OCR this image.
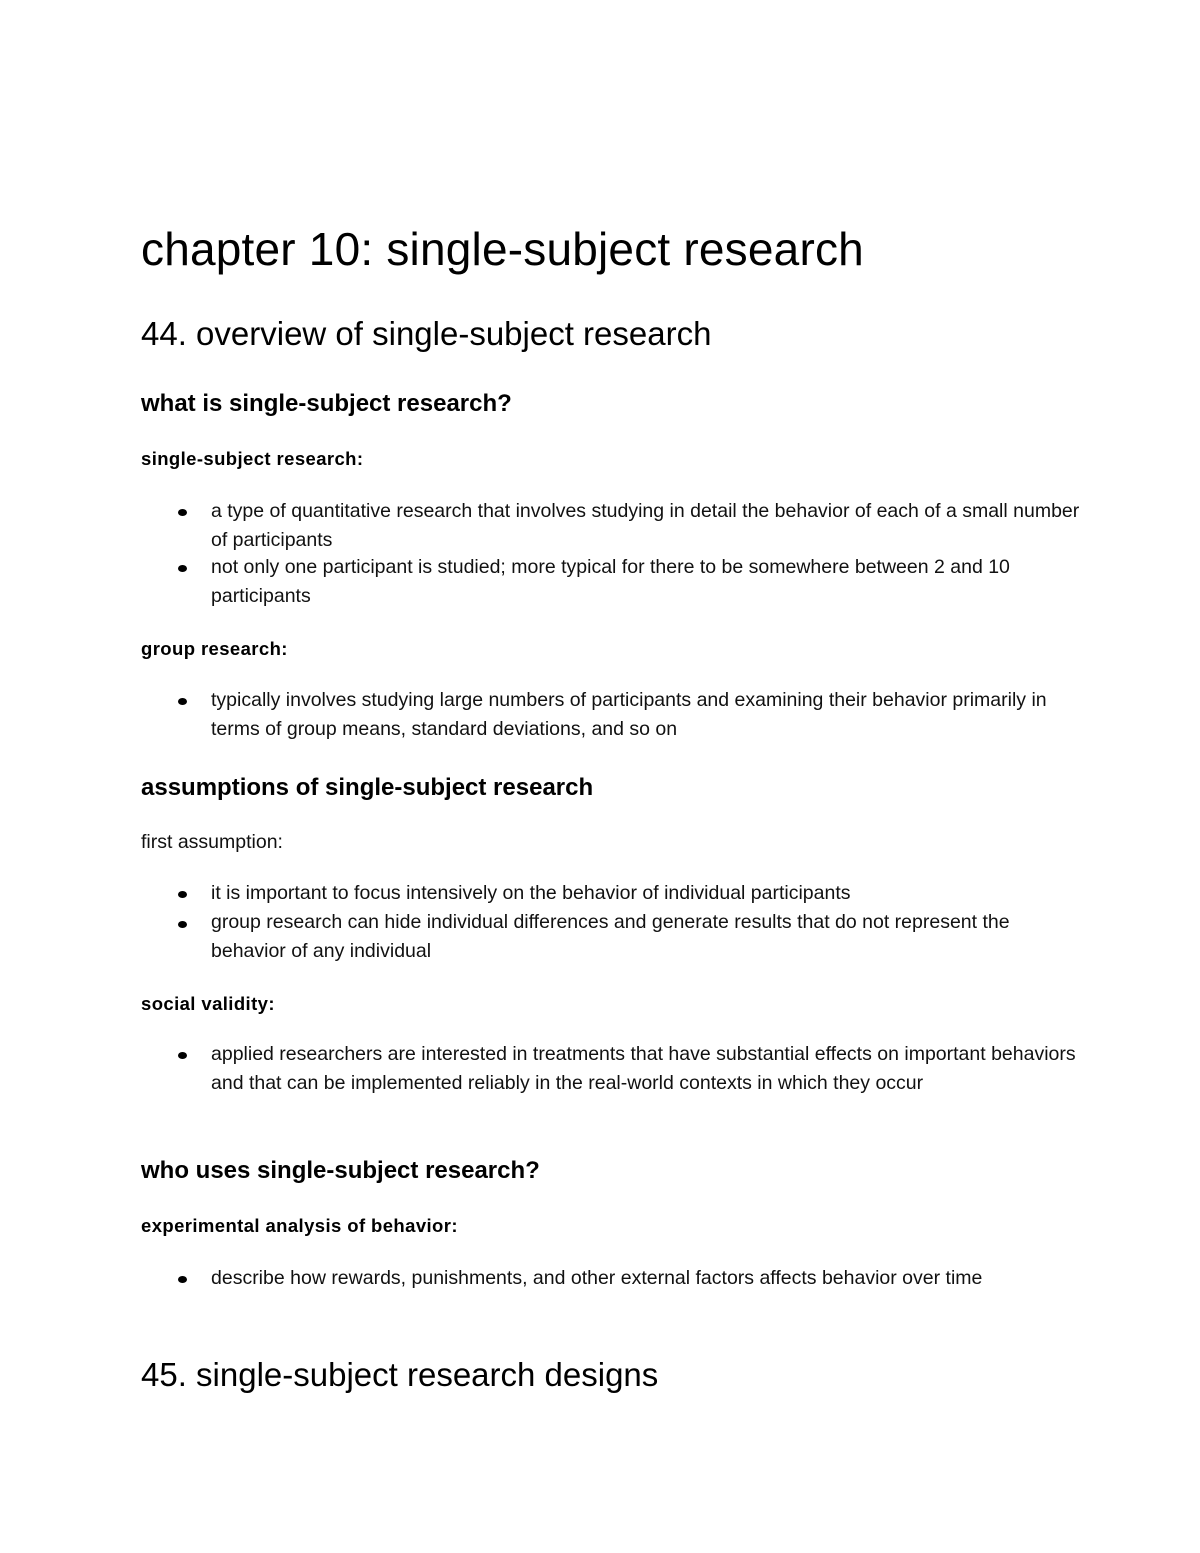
chapter 10: single-subject research
44. overview of single-subject research
what is single-subject research?
single-subject research:
a type of quantitative research that involves studying in detail the behavior of each of a small number of participants
not only one participant is studied; more typical for there to be somewhere between 2 and 10 participants
group research:
typically involves studying large numbers of participants and examining their behavior primarily in terms of group means, standard deviations, and so on
assumptions of single-subject research
first assumption:
it is important to focus intensively on the behavior of individual participants
group research can hide individual differences and generate results that do not represent the behavior of any individual
social validity:
applied researchers are interested in treatments that have substantial effects on important behaviors and that can be implemented reliably in the real-world contexts in which they occur
who uses single-subject research?
experimental analysis of behavior:
describe how rewards, punishments, and other external factors affects behavior over time
45. single-subject research designs
